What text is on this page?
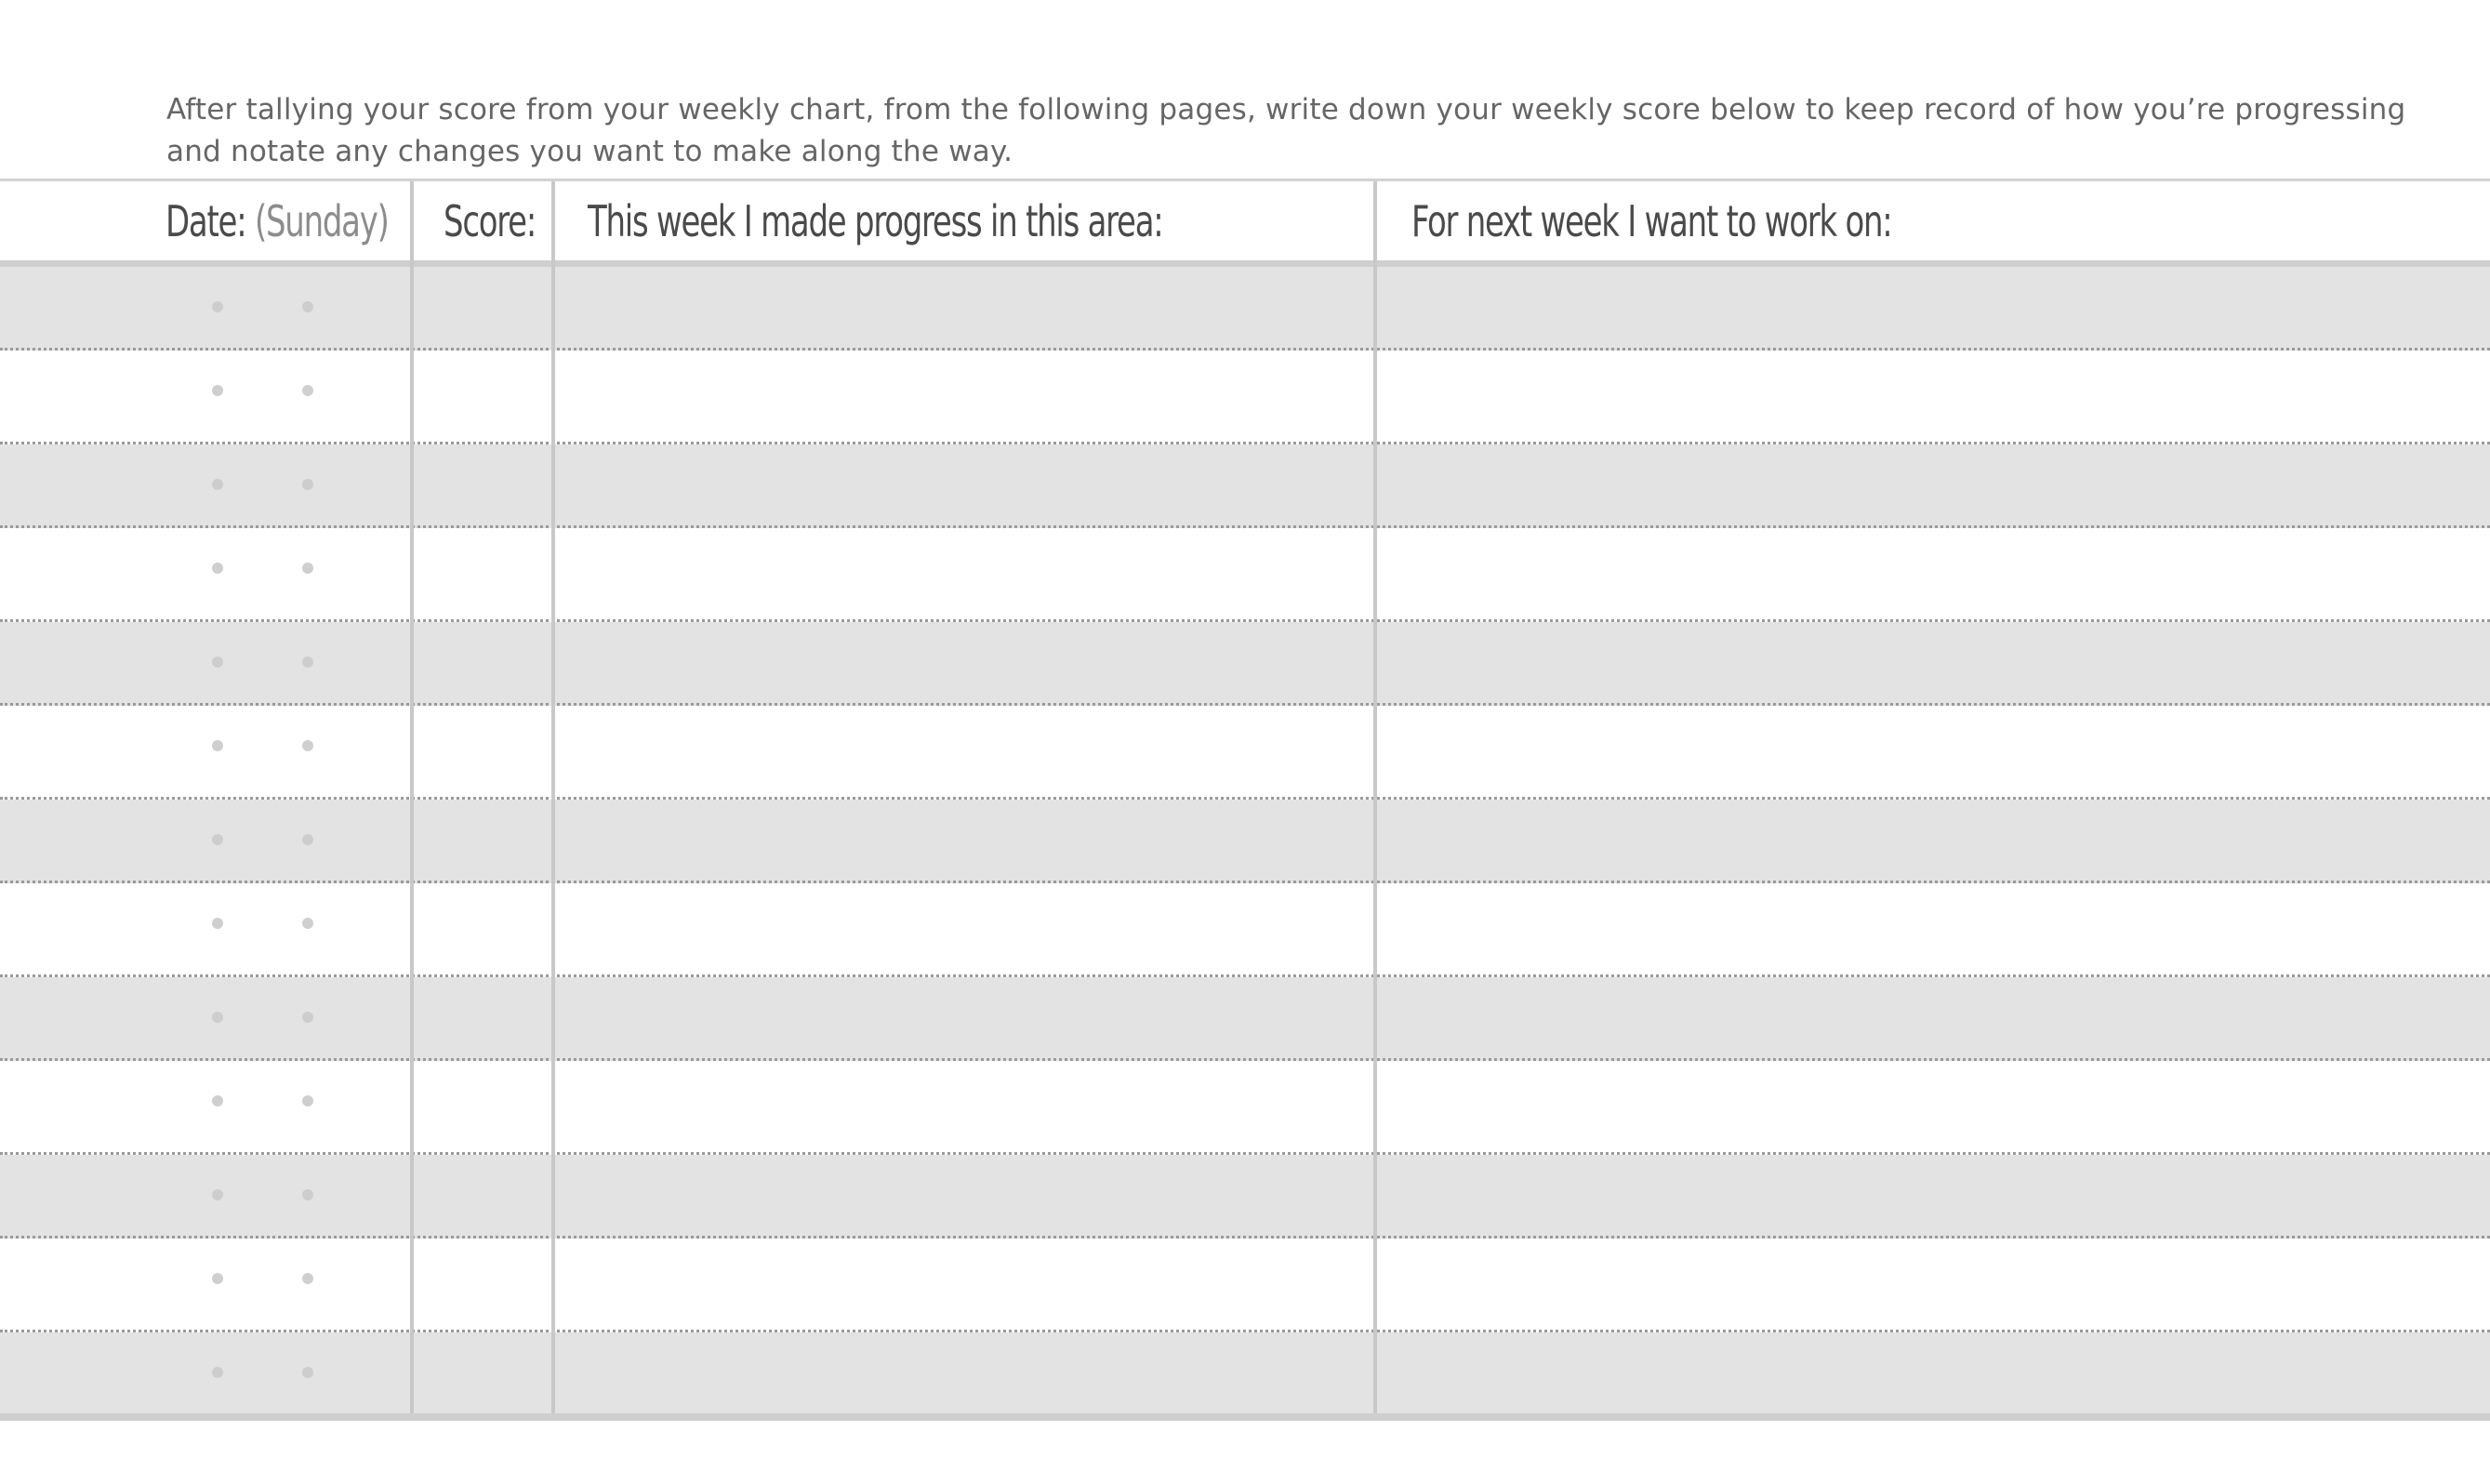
After tallying your score from your weekly chart, from the following pages, write down your weekly score below to keep record of how you’re progressing and notate any changes you want to make along the way.

Date: (Sunday) Score: This week I made progress in this area:	For next week I want to work on:
